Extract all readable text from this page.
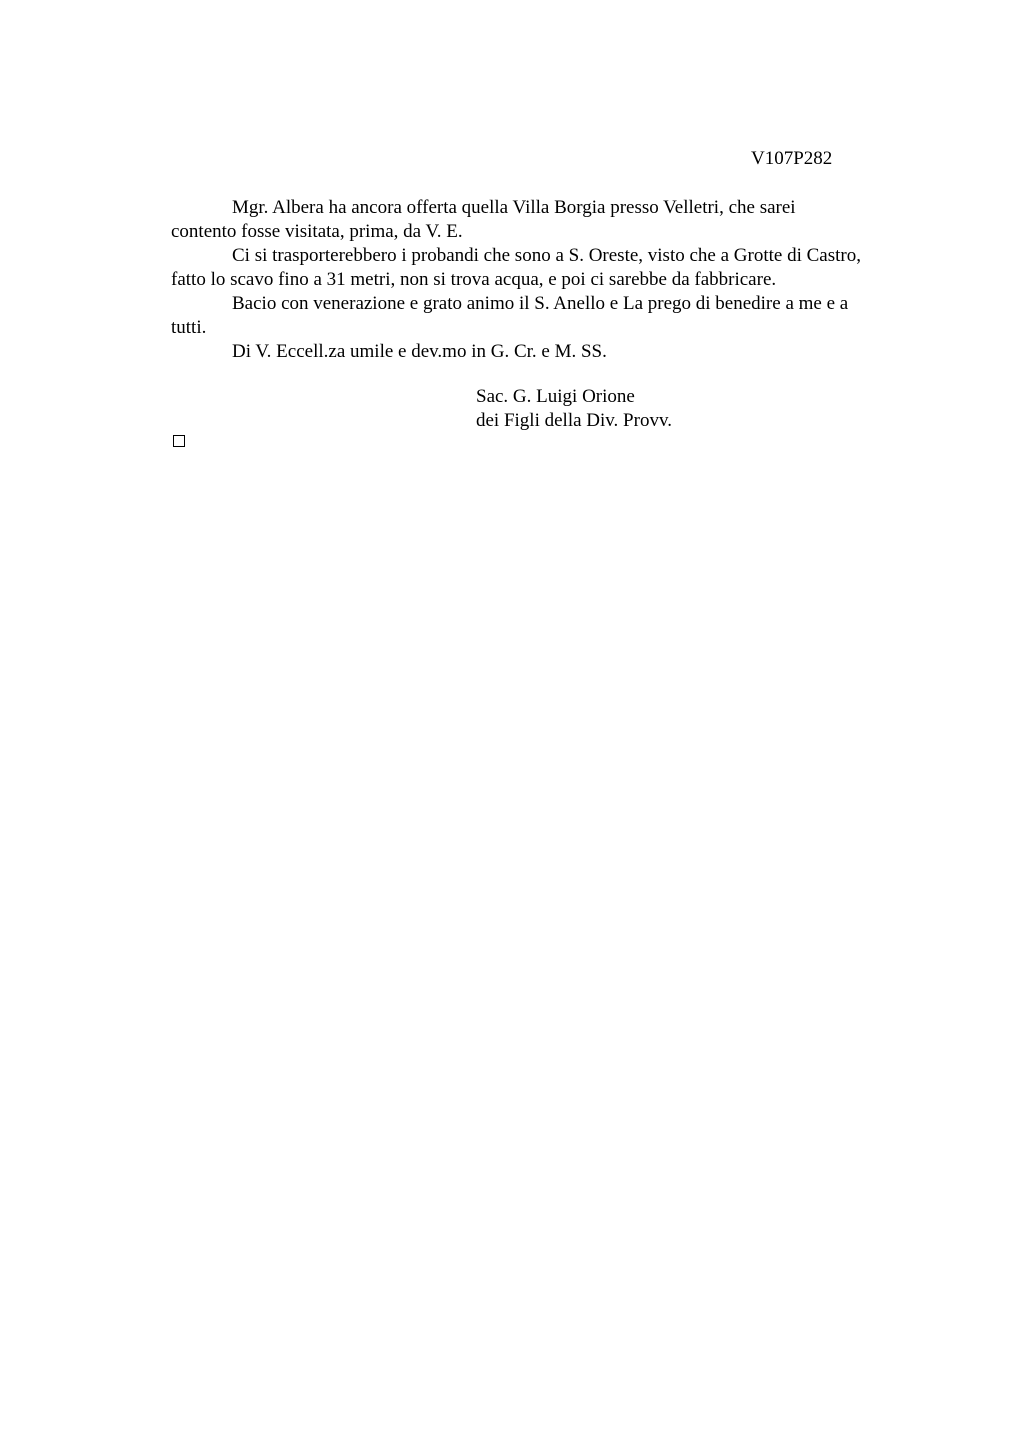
V107P282

Mgr. Albera ha ancora offerta quella Villa Borgia presso Velletri, che sarei
contento fosse visitata, prima, da V. E.

Ci si trasporterebbero i probandi che sono a S. Oreste, visto che a Grotte di Castro,
fatto lo scavo fino a 31 metri, non si trova acqua, e poi ci sarebbe da fabbricare.

Bacio con venerazione e grato animo il S. Anello e La prego di benedire a me e a
tutti.

Di V. Eccell.za umile e dev.mo in G. Cr. e M. SS.

Sac. G. Luigi Orione
dei Figli della Div. Provv.
